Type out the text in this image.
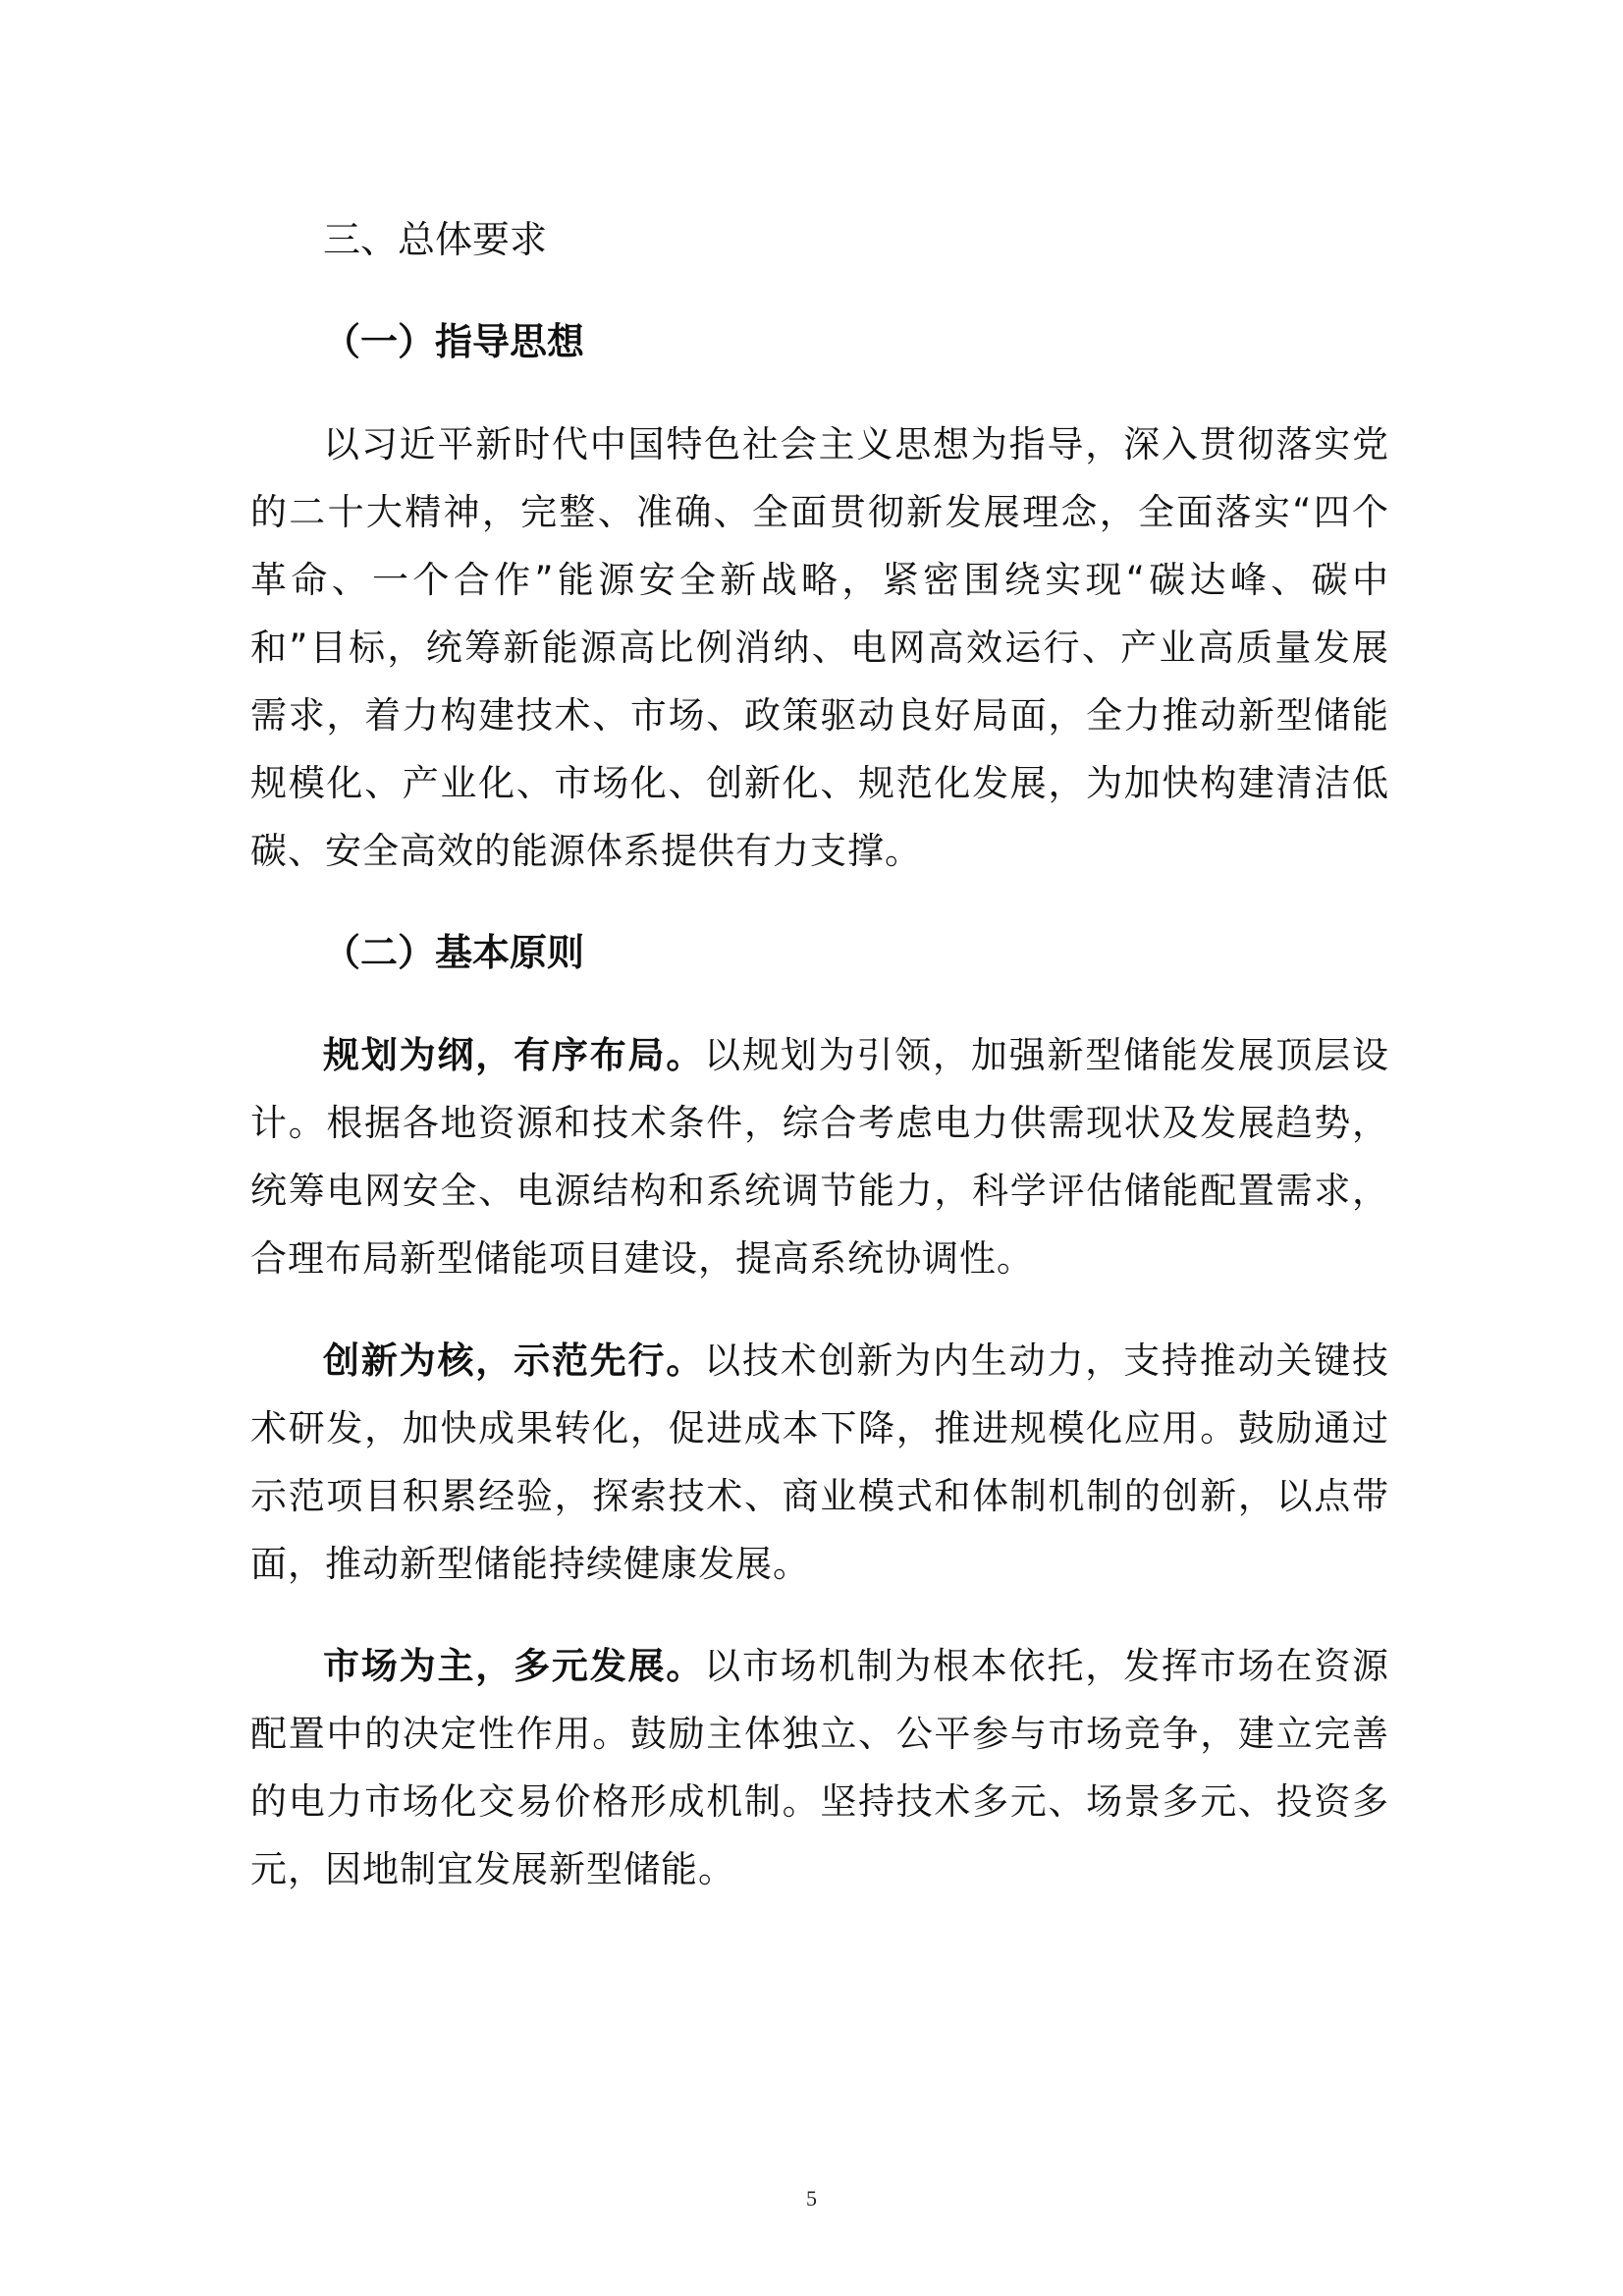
三、总体要求
（一）指导思想

以习近平新时代中国特色社会主义思想为指导，深入贯彻落实党的二十大精神，完整、准确、全面贯彻新发展理念，全面落实“四个革命、一个合作”能源安全新战略，紧密围绕实现“碳达峰、碳中和”目标，统筹新能源高比例消纳、电网高效运行、产业高质量发展需求，着力构建技术、市场、政策驱动良好局面，全力推动新型储能规模化、产业化、市场化、创新化、规范化发展，为加快构建清洁低碳、安全高效的能源体系提供有力支撑。

（二）基本原则

规划为纲，有序布局。以规划为引领，加强新型储能发展顶层设计。根据各地资源和技术条件，综合考虑电力供需现状及发展趋势，统筹电网安全、电源结构和系统调节能力，科学评估储能配置需求，合理布局新型储能项目建设，提高系统协调性。

创新为核，示范先行。以技术创新为内生动力，支持推动关键技术研发，加快成果转化，促进成本下降，推进规模化应用。鼓励通过示范项目积累经验，探索技术、商业模式和体制机制的创新，以点带面，推动新型储能持续健康发展。

市场为主，多元发展。以市场机制为根本依托，发挥市场在资源配置中的决定性作用。鼓励主体独立、公平参与市场竞争，建立完善的电力市场化交易价格形成机制。坚持技术多元、场景多元、投资多元，因地制宜发展新型储能。

5
